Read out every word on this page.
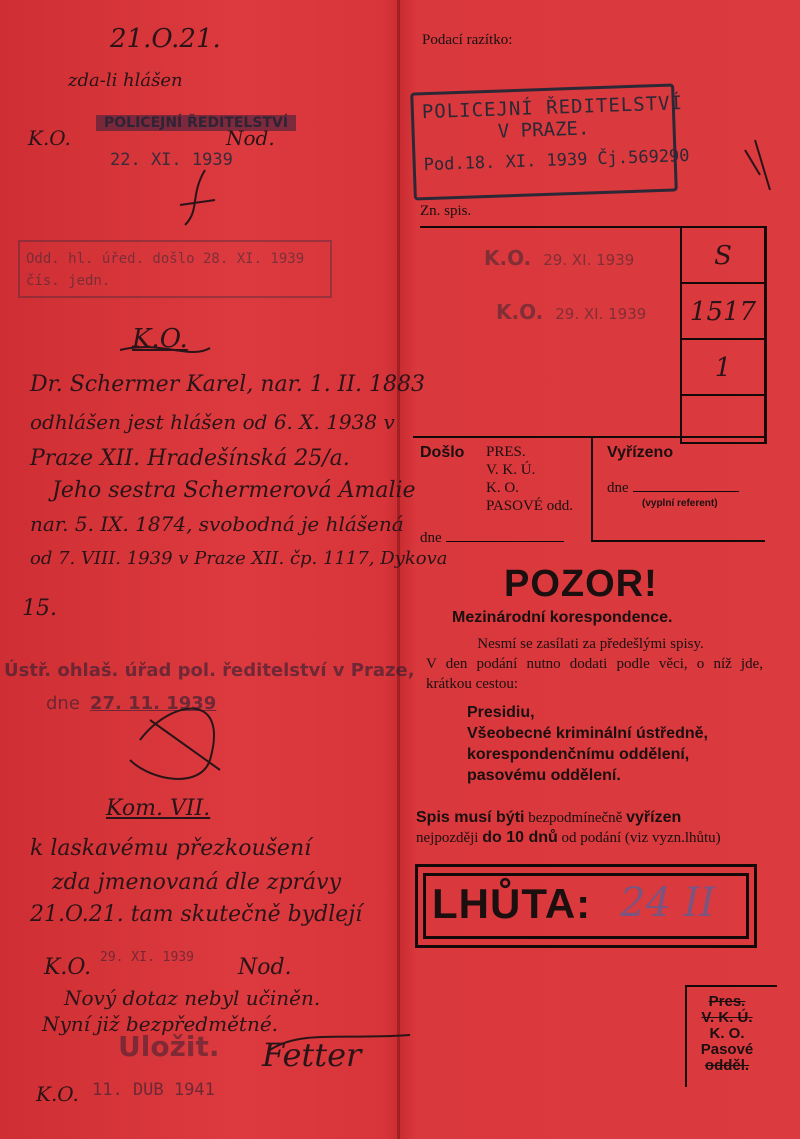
Podací razítko:
POLICEJNÍ ŘEDITELSTVÍ
V PRAZE.
Pod.18. XI. 1939 Čj.569290
Zn. spis.
K.O. 29. XI. 1939
K.O. 29. XI. 1939
S
1517
1
Došlo PRES.
V. K. Ú.
K. O.
PASOVÉ odd.
Vyřízeno
dne
(vyplní referent)
dne
POZOR!
Mezinárodní korespondence.
Nesmí se zasílati za předešlými spisy.
V den podání nutno dodati podle věci, o níž jde, krátkou cestou:
Presidiu,
Všeobecné kriminální ústředně,
korespondenčnímu oddělení,
pasovému oddělení.
Spis musí býti bezpodmínečně vyřízen
nejpozději do 10 dnů od podání (viz vyzn.lhůtu)
LHŮTA: 24 II
Pres.
V. K. Ú.
K. O.
Pasové
odděl.
21.O.21.
zda-li hlášen
K.O.
POLICEJNÍ ŘEDITELSTVÍ
Nod.
22. XI. 1939
Odd. hl. úřed. došlo 28. XI. 1939
čís. jedn.
K.O.
Dr. Schermer Karel, nar. 1. II. 1883
odhlášen jest hlášen od 6. X. 1938 v
Praze XII. Hradešínská 25/a.
Jeho sestra Schermerová Amalie
nar. 5. IX. 1874, svobodná je hlášená
od 7. VIII. 1939 v Praze XII. čp. 1117, Dykova
15.
Ústř. ohlaš. úřad pol. ředitelství v Praze,
dne 27. 11. 1939
Kom. VII.
k laskavému přezkoušení
zda jmenovaná dle zprávy
21.O.21. tam skutečně bydlejí
K.O. 29. XI. 1939 Nod.
Nový dotaz nebyl učiněn.
Nyní již bezpředmětné.
Uložit.
K.O. 11. DUB 1941
Fetter
